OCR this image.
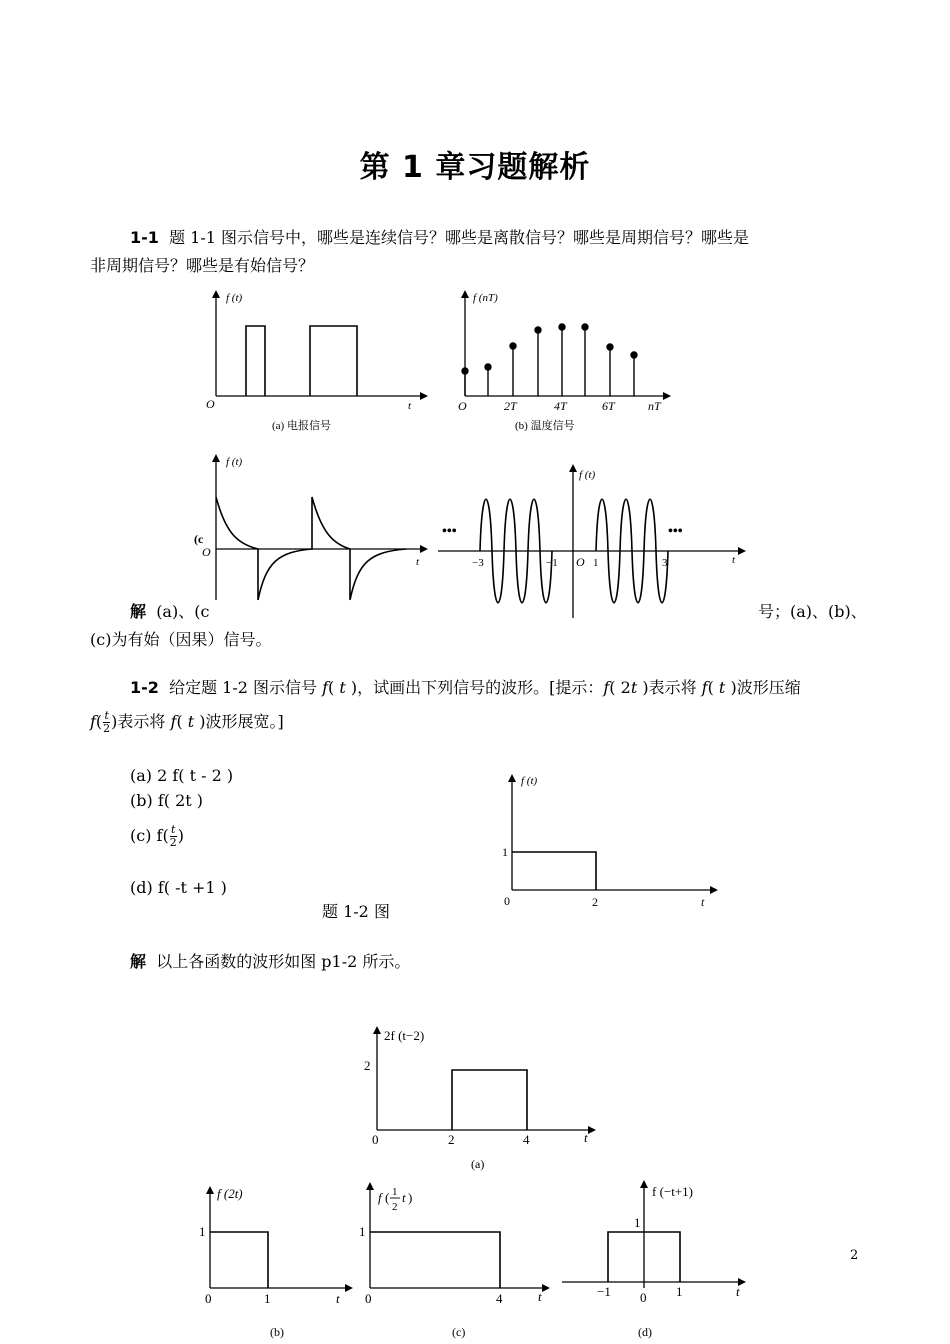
第 1 章习题解析
1-1 题 1-1 图示信号中，哪些是连续信号？哪些是离散信号？哪些是周期信号？哪些是
非周期信号？哪些是有始信号？
f (t)
O	t
(a) 电报信号
f (nT)
O	2T	4T	6T	nT
(b) 温度信号
解 (a)、(c	号；(a)、(b)、
(c)为有始（因果）信号。
f (t)
(c
O
t
•••	•••
f (t)
−3	−1 O 1	3	t
1-2 给定题 1-2 图示信号 f( t )，试画出下列信号的波形。[提示：f( 2t )表示将 f( t )波形压缩
$f( \frac{t}{2}$ )表示将 f( t )波形展宽。]
(a) 2 f( t - 2 )
(b) f( 2t )
(c) $f( \frac{t}{2}$ )
(d) f( -t +1 )
题 1-2 图
f (t)
1
0	2	t
解 以上各函数的波形如图 p1-2 所示。
2f (t−2)
2
0	2	4	t
(a)
f (2t)
1
0	1	t
(b)
f ( 1
2
t )
1
0	4	t
(c)
f (−t+1)
1
−1 0 1	t
(d)
2
